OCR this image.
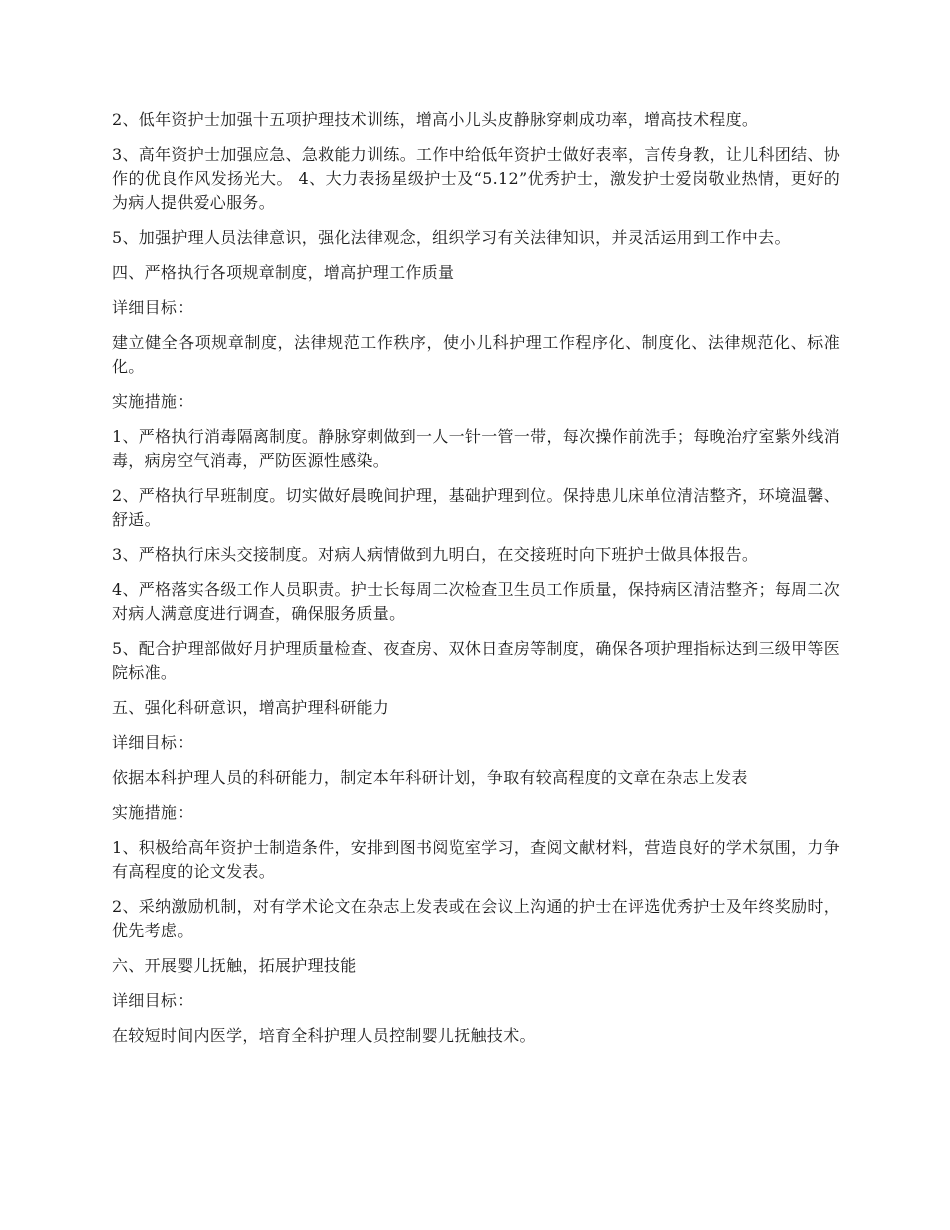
2、低年资护士加强十五项护理技术训练，增高小儿头皮静脉穿刺成功率，增高技术程度。

3、高年资护士加强应急、急救能力训练。工作中给低年资护士做好表率，言传身教，让儿科团结、协作的优良作风发扬光大。 4、大力表扬星级护士及“5.12”优秀护士，激发护士爱岗敬业热情，更好的为病人提供爱心服务。

5、加强护理人员法律意识，强化法律观念，组织学习有关法律知识，并灵活运用到工作中去。

四、严格执行各项规章制度，增高护理工作质量

详细目标：

建立健全各项规章制度，法律规范工作秩序，使小儿科护理工作程序化、制度化、法律规范化、标准化。

实施措施：

1、严格执行消毒隔离制度。静脉穿刺做到一人一针一管一带，每次操作前洗手；每晚治疗室紫外线消毒，病房空气消毒，严防医源性感染。

2、严格执行早班制度。切实做好晨晚间护理，基础护理到位。保持患儿床单位清洁整齐，环境温馨、舒适。

3、严格执行床头交接制度。对病人病情做到九明白，在交接班时向下班护士做具体报告。

4、严格落实各级工作人员职责。护士长每周二次检查卫生员工作质量，保持病区清洁整齐；每周二次对病人满意度进行调查，确保服务质量。

5、配合护理部做好月护理质量检查、夜查房、双休日查房等制度，确保各项护理指标达到三级甲等医院标准。

五、强化科研意识，增高护理科研能力

详细目标：

依据本科护理人员的科研能力，制定本年科研计划，争取有较高程度的文章在杂志上发表

实施措施：

1、积极给高年资护士制造条件，安排到图书阅览室学习，查阅文献材料，营造良好的学术氛围，力争有高程度的论文发表。

2、采纳激励机制，对有学术论文在杂志上发表或在会议上沟通的护士在评选优秀护士及年终奖励时，优先考虑。

六、开展婴儿抚触，拓展护理技能

详细目标：

在较短时间内医学，培育全科护理人员控制婴儿抚触技术。
